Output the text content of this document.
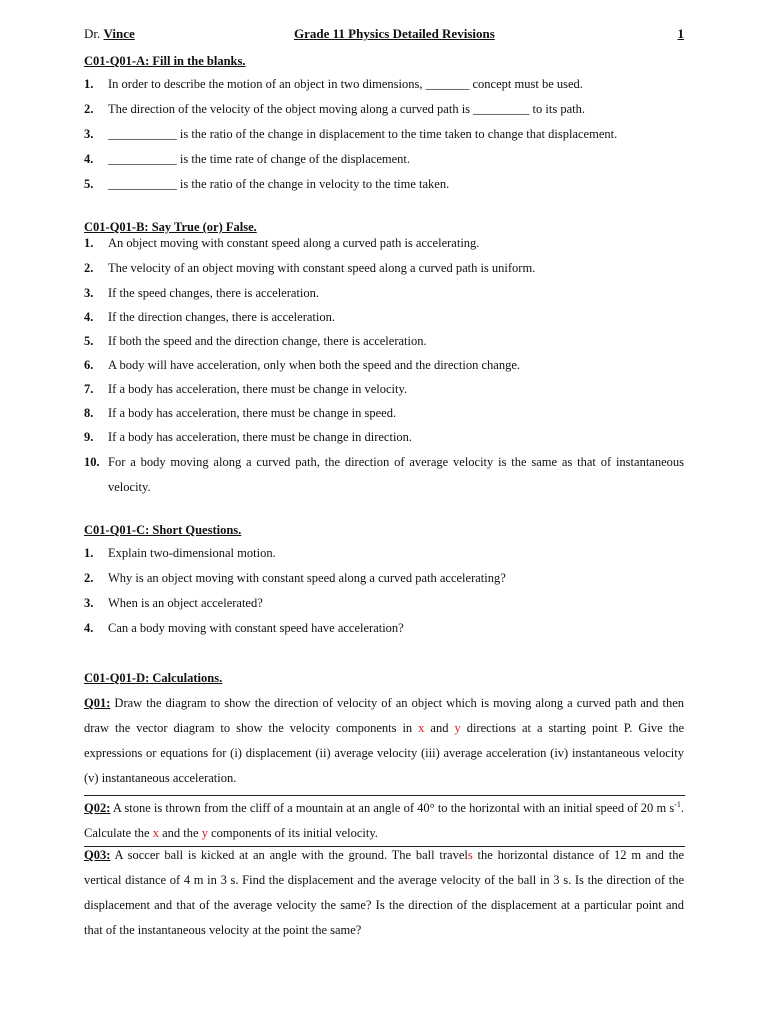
Dr. Vince	Grade 11 Physics Detailed Revisions	1
C01-Q01-A: Fill in the blanks.
1.	In order to describe the motion of an object in two dimensions, _______ concept must be used.
2.	The direction of the velocity of the object moving along a curved path is _________ to its path.
3.	___________ is the ratio of the change in displacement to the time taken to change that displacement.
4.	___________ is the time rate of change of the displacement.
5.	___________ is the ratio of the change in velocity to the time taken.
C01-Q01-B: Say True (or) False.
1.	An object moving with constant speed along a curved path is accelerating.
2.	The velocity of an object moving with constant speed along a curved path is uniform.
3.	If the speed changes, there is acceleration.
4.	If the direction changes, there is acceleration.
5.	If both the speed and the direction change, there is acceleration.
6.	A body will have acceleration, only when both the speed and the direction change.
7.	If a body has acceleration, there must be change in velocity.
8.	If a body has acceleration, there must be change in speed.
9.	If a body has acceleration, there must be change in direction.
10. For a body moving along a curved path, the direction of average velocity is the same as that of instantaneous velocity.
C01-Q01-C: Short Questions.
1.	Explain two-dimensional motion.
2.	Why is an object moving with constant speed along a curved path accelerating?
3.	When is an object accelerated?
4.	Can a body moving with constant speed have acceleration?
C01-Q01-D: Calculations.
Q01: Draw the diagram to show the direction of velocity of an object which is moving along a curved path and then draw the vector diagram to show the velocity components in x and y directions at a starting point P. Give the expressions or equations for (i) displacement (ii) average velocity (iii) average acceleration (iv) instantaneous velocity (v) instantaneous acceleration.
Q02: A stone is thrown from the cliff of a mountain at an angle of 40° to the horizontal with an initial speed of 20 m $s^{-1}$. Calculate the x and the y components of its initial velocity.
Q03: A soccer ball is kicked at an angle with the ground. The ball travels the horizontal distance of 12 m and the vertical distance of 4 m in 3 s. Find the displacement and the average velocity of the ball in 3 s. Is the direction of the displacement and that of the average velocity the same? Is the direction of the displacement at a particular point and that of the instantaneous velocity at the point the same?
